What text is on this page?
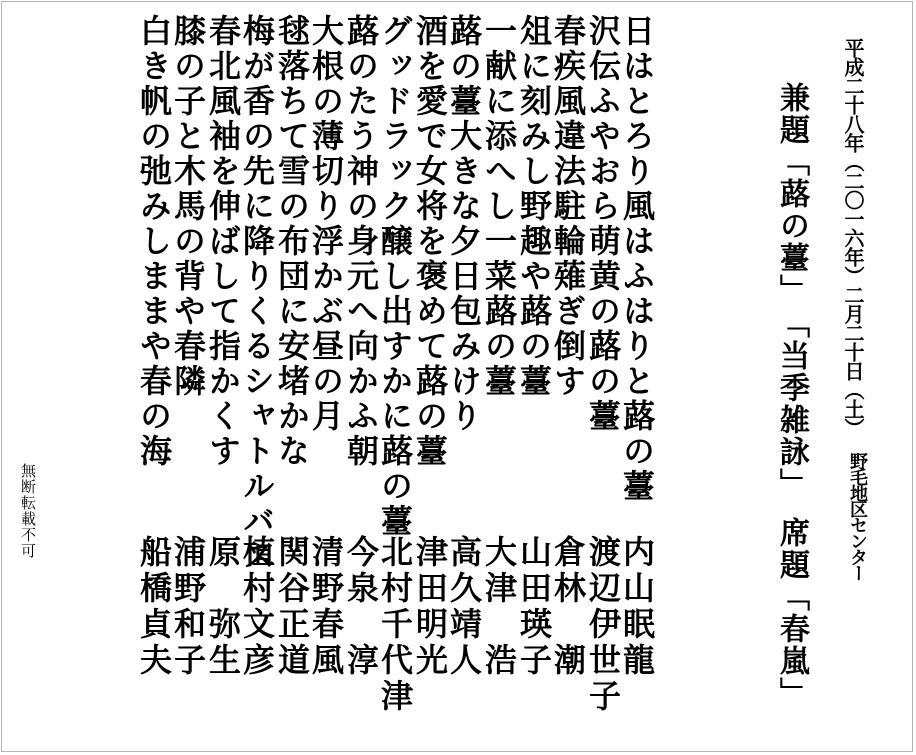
平成二十八年（二〇一六年）二月二十日（土）
野毛地区センター
兼題「蕗の薹」　「当季雑詠」　席題「春嵐」
日はとろり風はふはりと蕗の薹
沢伝ふやおら萌黄の蕗の薹
春疾風違法駐輪薙ぎ倒す
俎に刻みし野趣や蕗の薹
一献に添へし一菜蕗の薹
蕗の薹大きな夕日包みけり
酒を愛で女将を褒めて蕗の薹
グッドラック醸し出すかに蕗の薹
蕗のたう神の身元へ向かふ朝
大根の薄切り浮かぶ昼の月
毬落ちて雪の布団に安堵かな
梅が香の先に降りくるシャトルバス
春北風袖を伸ばして指かくす
膝の子と木馬の背や春隣
白き帆の弛みしままや春の海
内山眠龍
渡辺伊世子
倉林　潮
山田瑛子
大津　浩
高久靖人
津田明光
北村千代津
今泉　淳
清野春風
関谷正道
植村文彦
原　弥生
浦野和子
船橋貞夫
無断転載不可
